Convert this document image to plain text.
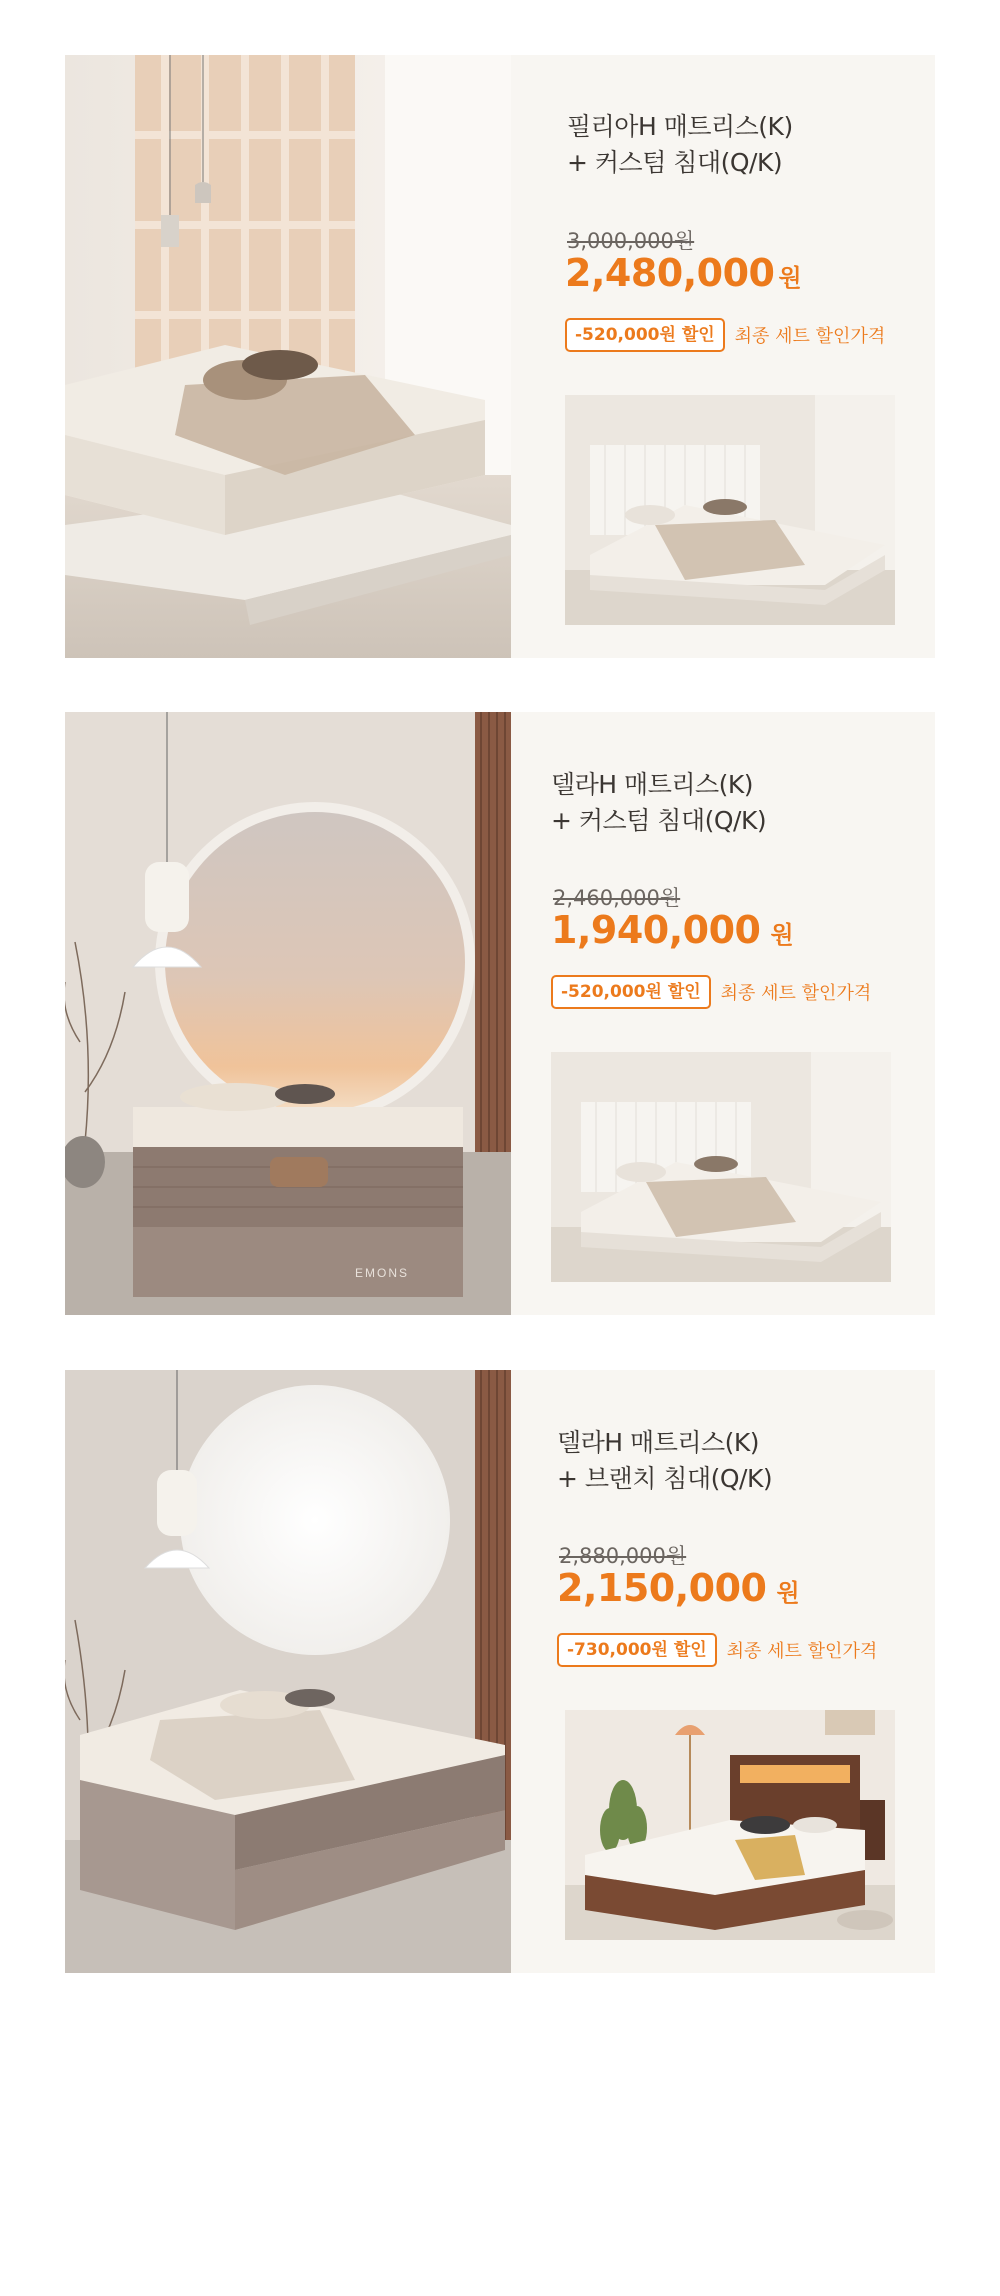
필리아H 매트리스(K)
+ 커스텀 침대(Q/K)
3,000,000원
2,480,000 원
-520,000원 할인 최종 세트 할인가격
EMONS
델라H 매트리스(K)
+ 커스텀 침대(Q/K)
2,460,000원
1,940,000 원
-520,000원 할인 최종 세트 할인가격
델라H 매트리스(K)
+ 브랜치 침대(Q/K)
2,880,000원
2,150,000 원
-730,000원 할인 최종 세트 할인가격
